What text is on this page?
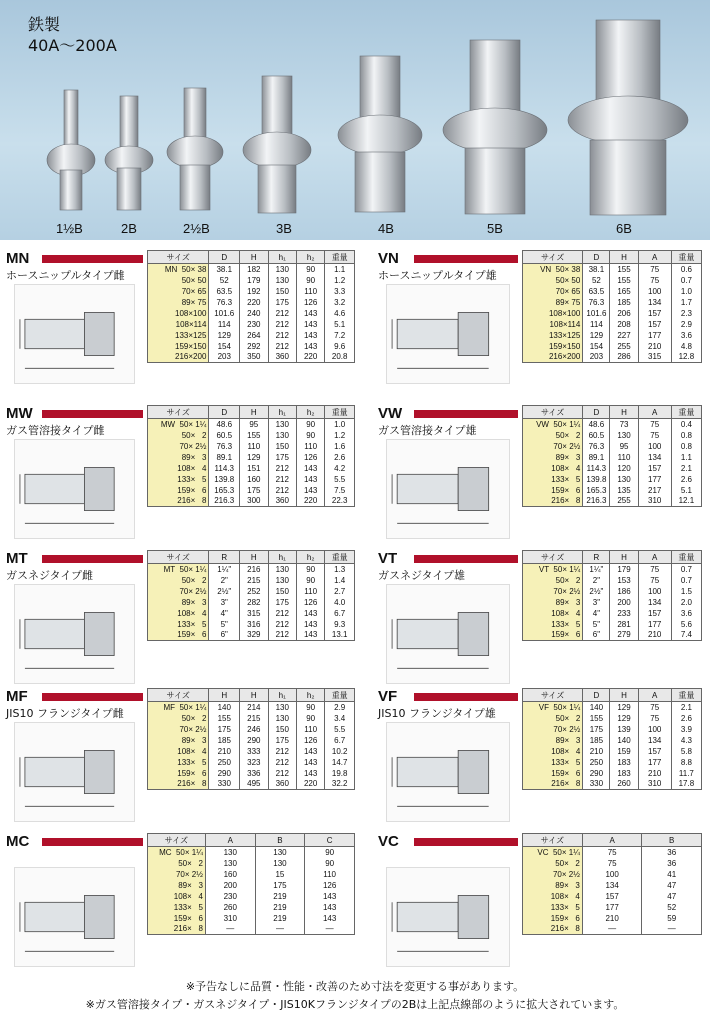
鉄製
40A〜200A
1½B	2B	2½B	3B	4B	5B	6B
MN
ホースニップルタイプ雌
サイズ	D	H	h₁	h₂	重量
MN  50× 38	38.1	182	130	90	1.1
50× 50	52	179	130	90	1.2
70× 65	63.5	192	150	110	3.3
89× 75	76.3	220	175	126	3.2
108×100	101.6	240	212	143	4.6
108×114	114	230	212	143	5.1
133×125	129	264	212	143	7.2
159×150	154	292	212	143	9.6
216×200	203	350	360	220	20.8
VN
ホースニップルタイプ雄
サイズ	D	H	A	重量
VN  50× 38	38.1	155	75	0.6
50× 50	52	155	75	0.7
70× 65	63.5	165	100	1.0
89× 75	76.3	185	134	1.7
108×100	101.6	206	157	2.3
108×114	114	208	157	2.9
133×125	129	227	177	3.6
159×150	154	255	210	4.8
216×200	203	286	315	12.8
MW
ガス管溶接タイプ雌
サイズ	D	H	h₁	h₂	重量
MW  50× 1¼	48.6	95	130	90	1.0
50×   2	60.5	155	130	90	1.2
70× 2½	76.3	110	150	110	1.6
89×   3	89.1	129	175	126	2.6
108×   4	114.3	151	212	143	4.2
133×   5	139.8	160	212	143	5.5
159×   6	165.3	175	212	143	7.5
216×   8	216.3	300	360	220	22.3
VW
ガス管溶接タイプ雄
サイズ	D	H	A	重量
VW  50× 1¼	48.6	73	75	0.4
50×   2	60.5	130	75	0.8
70× 2½	76.3	95	100	0.8
89×   3	89.1	110	134	1.1
108×   4	114.3	120	157	2.1
133×   5	139.8	130	177	2.6
159×   6	165.3	135	217	5.1
216×   8	216.3	255	310	12.1
MT
ガスネジタイプ雌
サイズ	R	H	h₁	h₂	重量
MT  50× 1¼	1¼"	216	130	90	1.3
50×   2	2"	215	130	90	1.4
70× 2½	2½"	252	150	110	2.7
89×   3	3"	282	175	126	4.0
108×   4	4"	315	212	143	6.7
133×   5	5"	316	212	143	9.3
159×   6	6"	329	212	143	13.1
VT
ガスネジタイプ雄
サイズ	R	H	A	重量
VT  50× 1¼	1¼"	179	75	0.7
50×   2	2"	153	75	0.7
70× 2½	2½"	186	100	1.5
89×   3	3"	200	134	2.0
108×   4	4"	233	157	3.6
133×   5	5"	281	177	5.6
159×   6	6"	279	210	7.4
MF
JIS10 フランジタイプ雌
サイズ	H	H	h₁	h₂	重量
MF  50× 1¼	140	214	130	90	2.9
50×   2	155	215	130	90	3.4
70× 2½	175	246	150	110	5.5
89×   3	185	290	175	126	6.7
108×   4	210	333	212	143	10.2
133×   5	250	323	212	143	14.7
159×   6	290	336	212	143	19.8
216×   8	330	495	360	220	32.2
VF
JIS10 フランジタイプ雄
サイズ	D	H	A	重量
VF  50× 1¼	140	129	75	2.1
50×   2	155	129	75	2.6
70× 2½	175	139	100	3.9
89×   3	185	140	134	4.3
108×   4	210	159	157	5.8
133×   5	250	183	177	8.8
159×   6	290	183	210	11.7
216×   8	330	260	310	17.8
MC	サイズ	A	B	C
MC  50× 1¼	130	130	90
50×   2	130	130	90
70× 2½	160	15	110
89×   3	200	175	126
108×   4	230	219	143
133×   5	260	219	143
159×   6	310	219	143
216×   8	—	—	—
VC	サイズ	A	B
VC  50× 1¼	75	36
50×   2	75	36
70× 2½	100	41
89×   3	134	47
108×   4	157	47
133×   5	177	52
159×   6	210	59
216×   8	—	—
※予告なしに品質・性能・改善のため寸法を変更する事があります。
※ガス管溶接タイプ・ガスネジタイプ・JIS10Kフランジタイプの2Bは上記点線部のように拡大されています。
